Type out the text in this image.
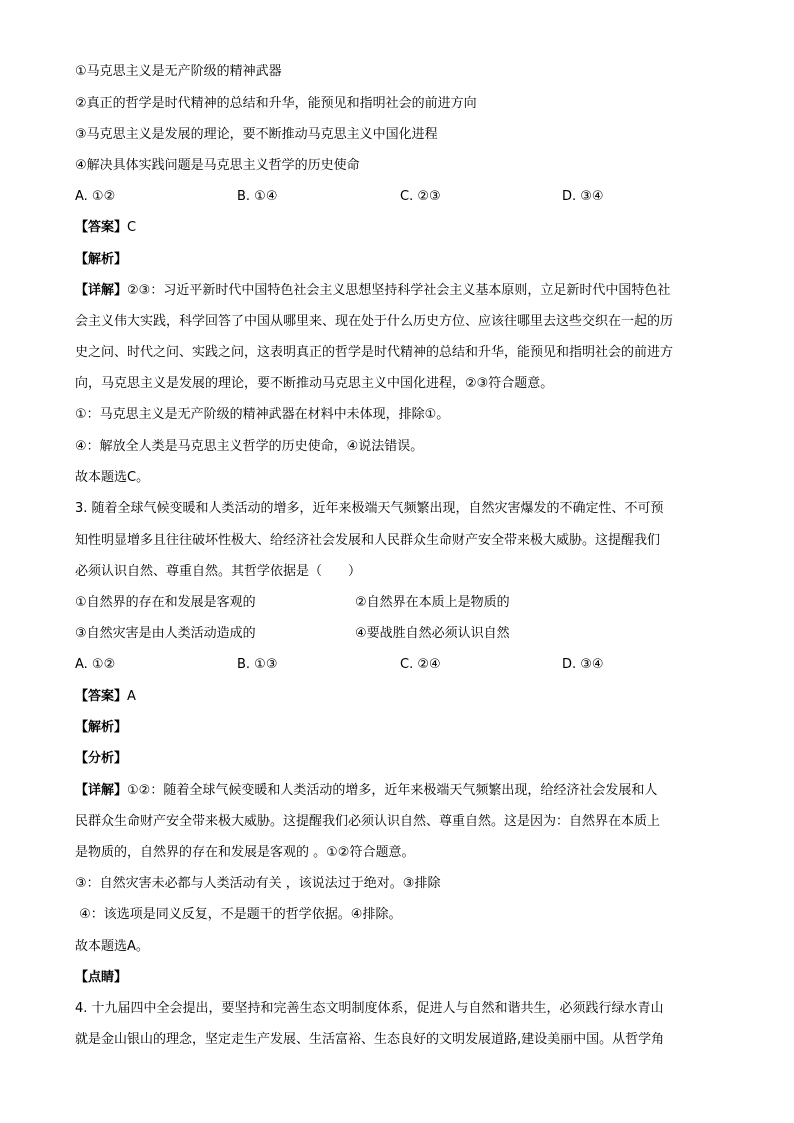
①马克思主义是无产阶级的精神武器
②真正的哲学是时代精神的总结和升华，能预见和指明社会的前进方向
③马克思主义是发展的理论，要不断推动马克思主义中国化进程
④解决具体实践问题是马克思主义哲学的历史使命
A. ①②	B. ①④	C. ②③	D. ③④
【答案】C
【解析】
【详解】②③：习近平新时代中国特色社会主义思想坚持科学社会主义基本原则，立足新时代中国特色社
会主义伟大实践，科学回答了中国从哪里来、现在处于什么历史方位、应该往哪里去这些交织在一起的历
史之问、时代之问、实践之问，这表明真正的哲学是时代精神的总结和升华，能预见和指明社会的前进方
向，马克思主义是发展的理论，要不断推动马克思主义中国化进程，②③符合题意。
①：马克思主义是无产阶级的精神武器在材料中未体现，排除①。
④：解放全人类是马克思主义哲学的历史使命，④说法错误。
故本题选C。
3. 随着全球气候变暖和人类活动的增多，近年来极端天气频繁出现，自然灾害爆发的不确定性、不可预
知性明显增多且往往破坏性极大、给经济社会发展和人民群众生命财产安全带来极大威胁。这提醒我们
必须认识自然、尊重自然。其哲学依据是（　　）
①自然界的存在和发展是客观的	②自然界在本质上是物质的
③自然灾害是由人类活动造成的	④要战胜自然必须认识自然
A. ①②	B. ①③	C. ②④	D. ③④
【答案】A
【解析】
【分析】
【详解】①②：随着全球气候变暖和人类活动的增多，近年来极端天气频繁出现，给经济社会发展和人
民群众生命财产安全带来极大威胁。这提醒我们必须认识自然、尊重自然。这是因为：自然界在本质上
是物质的，自然界的存在和发展是客观的 。①②符合题意。
③：自然灾害未必都与人类活动有关 ，该说法过于绝对。③排除
④：该选项是同义反复，不是题干的哲学依据。④排除。
故本题选A。
【点睛】
4. 十九届四中全会提出，要坚持和完善生态文明制度体系，促进人与自然和谐共生，必须践行绿水青山
就是金山银山的理念，坚定走生产发展、生活富裕、生态良好的文明发展道路,建设美丽中国。从哲学角
